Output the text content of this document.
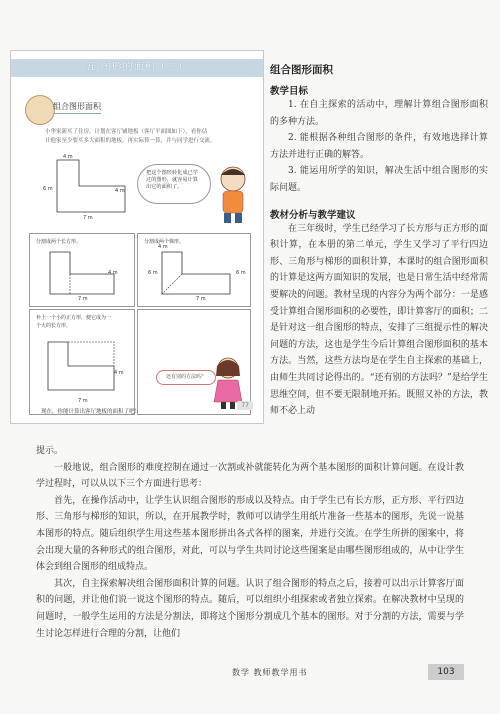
五 图形的面积（二）
组合图形面积
小华家新买了住房，计划在客厅铺地板（客厅平面图如下），看你估
计他家至少要买多大面积的地板。再实际算一算，并与同学进行交流。
4 m
6 m	4 m
7 m
把这个图形转化成已学过的图形，就容易计算出它的面积了。
分割成两个长方形。
4 m
7 m
分割成两个梯形。
4 m
6 m	6 m
7 m
补上一个小的正方形，便它成为一
个大的长方形。
4 m
7 m
还有别的方法吗？
现在，你能计算出客厅地板的面积了吧！
77
组合图形面积
教学目标

1. 在自主探索的活动中，理解计算组合图形面积的多种方法。

2. 能根据各种组合图形的条件，有效地选择计算方法并进行正确的解答。

3. 能运用所学的知识，解决生活中组合图形的实际问题。

教材分析与教学建议

在三年级时，学生已经学习了长方形与正方形的面积计算，在本册的第二单元，学生又学习了平行四边形、三角形与梯形的面积计算，本课时的组合图形面积的计算是这两方面知识的发展，也是日常生活中经常需要解决的问题。教材呈现的内容分为两个部分：一是感受计算组合图形面积的必要性，即计算客厅的面积；二是针对这一组合图形的特点，安排了三组提示性的解决问题的方法，这也是学生今后计算组合图形面积的基本方法。当然，这些方法均是在学生自主探索的基础上，由师生共同讨论得出的。“还有别的方法吗？”是给学生思维空间，但不要无限制地开拓。既照又补的方法，教师不必上动

提示。

一般地说，组合图形的难度控制在通过一次割或补就能转化为两个基本图形的面积计算问题。在设计教学过程时，可以从以下三个方面进行思考：

首先，在操作活动中，让学生认识组合图形的形成以及特点。由于学生已有长方形，正方形、平行四边形、三角形与梯形的知识，所以，在开展教学时，教师可以请学生用纸片准备一些基本的图形，先说一说基本图形的特点。随后组织学生用这些基本图形拼出各式各样的图案，并进行交流。在学生所拼的图案中，将会出现大量的各种形式的组合图形，对此，可以与学生共同讨论这些图案是由哪些图形组成的，从中让学生体会到组合图形的组成特点。

其次，自主探索解决组合图形面积计算的问题。认识了组合图形的特点之后，接着可以出示计算客厅面积的问题，并让他们说一说这个图形的特点。随后，可以组织小组探索或者独立探索。在解决教材中呈现的问题时，一般学生运用的方法是分割法，即将这个图形分割成几个基本的图形。对于分割的方法，需要与学生讨论怎样进行合理的分割，让他们

数学 教师教学用书	103
